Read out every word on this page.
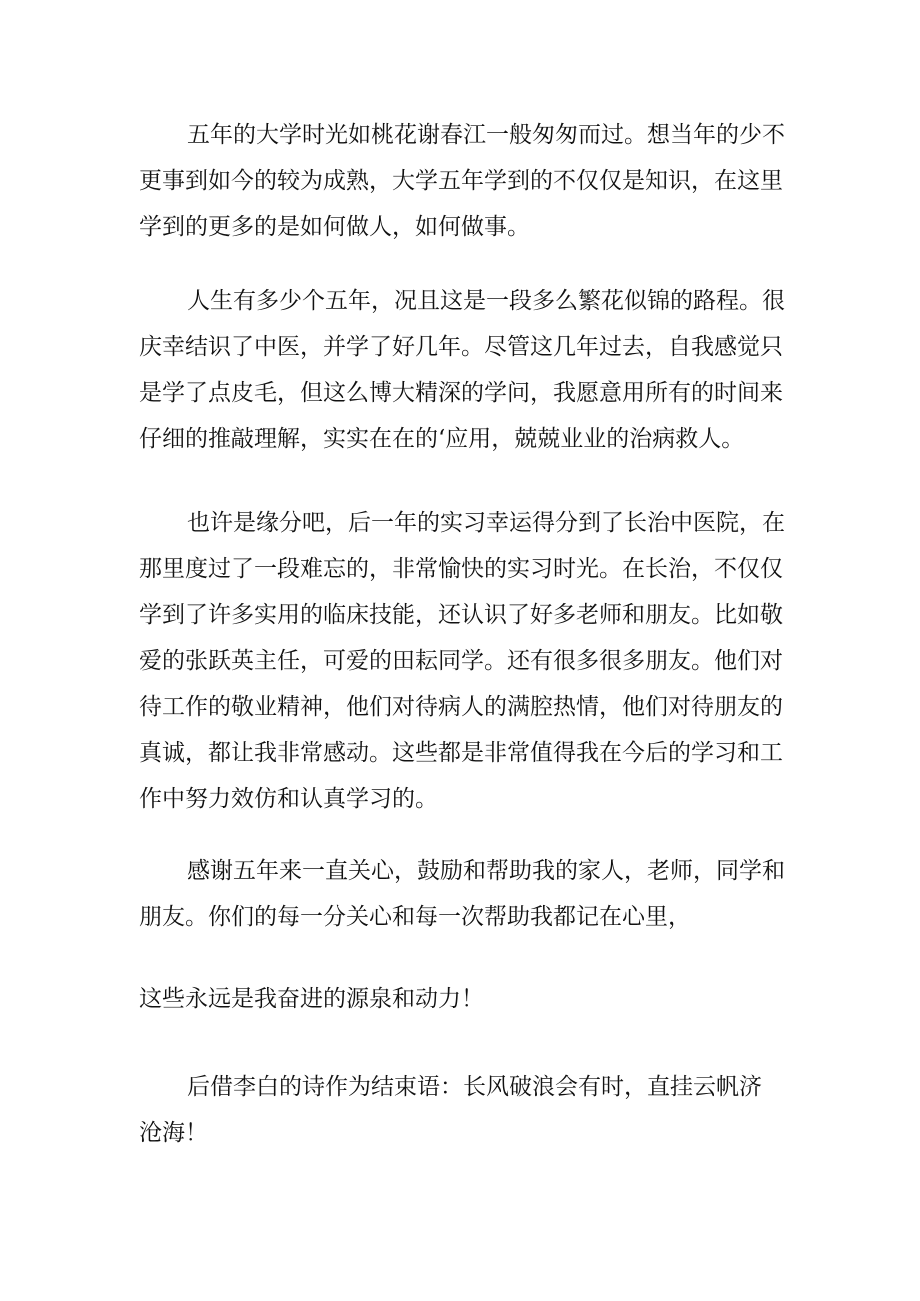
五年的大学时光如桃花谢春江一般匆匆而过。想当年的少不
更事到如今的较为成熟，大学五年学到的不仅仅是知识，在这里
学到的更多的是如何做人，如何做事。

人生有多少个五年，况且这是一段多么繁花似锦的路程。很
庆幸结识了中医，并学了好几年。尽管这几年过去，自我感觉只
是学了点皮毛，但这么博大精深的学问，我愿意用所有的时间来
仔细的推敲理解，实实在在的‘应用，兢兢业业的治病救人。

也许是缘分吧，后一年的实习幸运得分到了长治中医院，在
那里度过了一段难忘的，非常愉快的实习时光。在长治，不仅仅
学到了许多实用的临床技能，还认识了好多老师和朋友。比如敬
爱的张跃英主任，可爱的田耘同学。还有很多很多朋友。他们对
待工作的敬业精神，他们对待病人的满腔热情，他们对待朋友的
真诚，都让我非常感动。这些都是非常值得我在今后的学习和工
作中努力效仿和认真学习的。

感谢五年来一直关心，鼓励和帮助我的家人，老师，同学和
朋友。你们的每一分关心和每一次帮助我都记在心里，

这些永远是我奋进的源泉和动力！

后借李白的诗作为结束语：长风破浪会有时，直挂云帆济
沧海！
